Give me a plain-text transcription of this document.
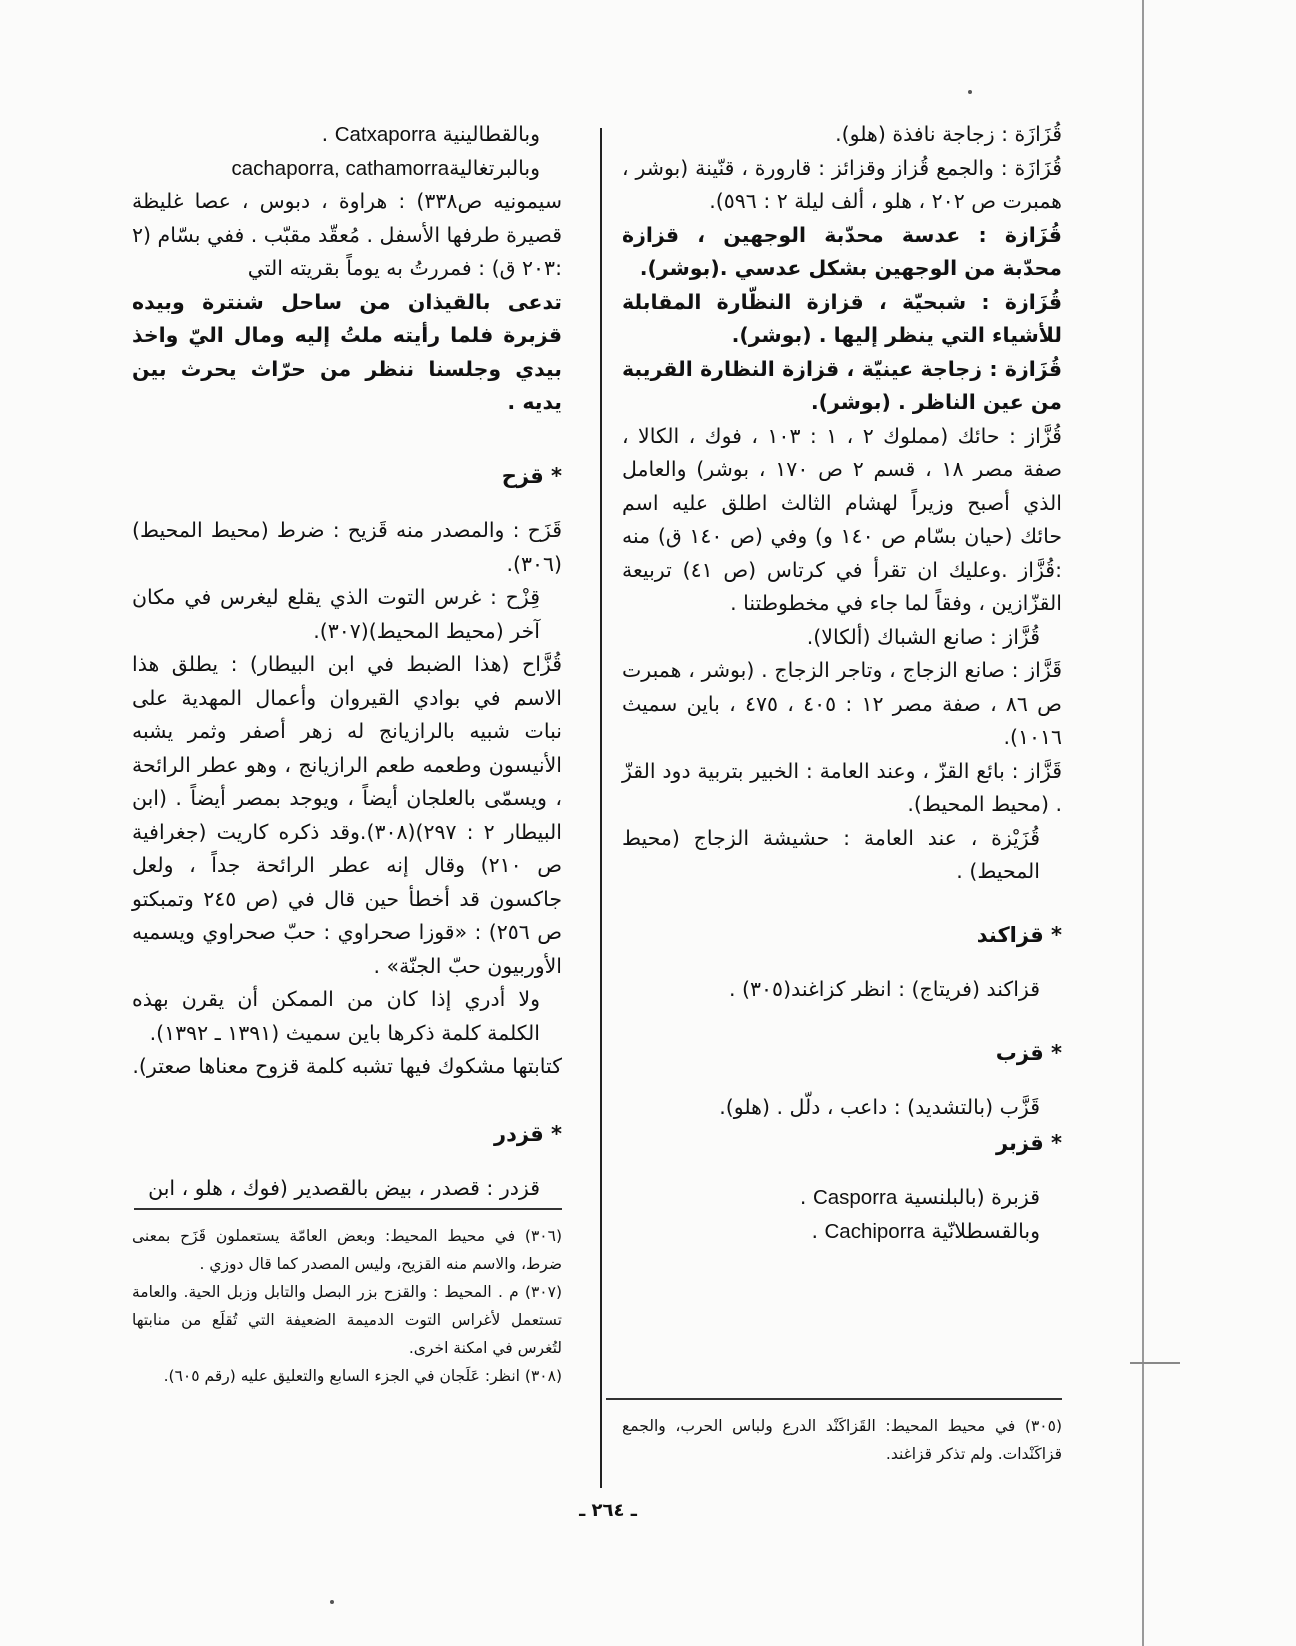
قُزَازَة : زجاجة نافذة (هلو).

قُزَازَة : والجمع قُزاز وقزائز : قارورة ، قنّينة (بوشر ، همبرت ص ٢٠٢ ، هلو ، ألف ليلة ٢ : ٥٩٦).

قُزَازة : عدسة محدّبة الوجهين ، قزازة محدّبة من الوجهين بشكل عدسي .(بوشر).

قُزَازة : شبحيّة ، قزازة النظّارة المقابلة للأشياء التي ينظر إليها . (بوشر).

قُزَازة : زجاجة عينيّة ، قزازة النظارة القريبة من عين الناظر . (بوشر).

قُزَّاز : حائك (مملوك ٢ ، ١ : ١٠٣ ، فوك ، الكالا ، صفة مصر ١٨ ، قسم ٢ ص ١٧٠ ، بوشر) والعامل الذي أصبح وزيراً لهشام الثالث اطلق عليه اسم حائك (حيان بسّام ص ١٤٠ و) وفي (ص ١٤٠ ق) منه :قُزَّاز .وعليك ان تقرأ في كرتاس (ص ٤١) تربيعة القزّازين ، وفقاً لما جاء في مخطوطتنا .

قُزَّاز : صانع الشباك (ألكالا).

قَزَّاز : صانع الزجاج ، وتاجر الزجاج . (بوشر ، همبرت ص ٨٦ ، صفة مصر ١٢ : ٤٠٥ ، ٤٧٥ ، باين سميث ١٠١٦).

قَزَّاز : بائع القزّ ، وعند العامة : الخبير بتربية دود القزّ . (محيط المحيط).

قُزَيْزة ، عند العامة : حشيشة الزجاج (محيط المحيط) .

* قزاكند

قزاكند (فريتاج) : انظر كزاغند(٣٠٥) .

* قزب

قَزَّب (بالتشديد) : داعب ، دلّل . (هلو).

* قزبر

قزبرة (بالبلنسية Casporra .

وبالقسطلانّية Cachiporra .

(٣٠٥) في محيط المحيط: القَزاكَنْد الدرع ولباس الحرب، والجمع قزاكَنْدات. ولم تذكر قزاغند.

وبالقطالينية Catxaporra .

وبالبرتغاليةcachaporra, cathamorra

سيمونيه ص٣٣٨) : هراوة ، دبوس ، عصا غليظة قصيرة طرفها الأسفل . مُعقّد مقبّب . ففي بسّام (٢ :٢٠٣ ق) : فمررتُ به يوماً بقريته التي

تدعى بالقيذان من ساحل شنترة وبيده قزبرة فلما رأيته ملتُ إليه ومال اليّ واخذ بيدي وجلسنا ننظر من حرّاث يحرث بين يديه .

* قزح

قَزَح : والمصدر منه قَزيح : ضرط (محيط المحيط)(٣٠٦).

قِزْح : غرس التوت الذي يقلع ليغرس في مكان آخر (محيط المحيط)(٣٠٧).

قُزَّاح (هذا الضبط في ابن البيطار) : يطلق هذا الاسم في بوادي القيروان وأعمال المهدية على نبات شبيه بالرازيانج له زهر أصفر وثمر يشبه الأنيسون وطعمه طعم الرازيانج ، وهو عطر الرائحة ، ويسمّى بالعلجان أيضاً ، ويوجد بمصر أيضاً . (ابن البيطار ٢ : ٢٩٧)(٣٠٨).وقد ذكره كاريت (جغرافية ص ٢١٠) وقال إنه عطر الرائحة جداً ، ولعل جاكسون قد أخطأ حين قال في (ص ٢٤٥ وتمبكتو ص ٢٥٦) : «قوزا صحراوي : حبّ صحراوي ويسميه الأوربيون حبّ الجنّة» .

ولا أدري إذا كان من الممكن أن يقرن بهذه الكلمة كلمة ذكرها باين سميث (١٣٩١ ـ ١٣٩٢).

كتابتها مشكوك فيها تشبه كلمة قزوح معناها صعتر).

* قزدر

قزدر : قصدر ، بيض بالقصدير (فوك ، هلو ، ابن

(٣٠٦) في محيط المحيط: وبعض العامّة يستعملون قَزَح بمعنى ضرط، والاسم منه القزيح، وليس المصدر كما قال دوزي .

(٣٠٧) م . المحيط : والقزح بزر البصل والتابل وزبل الحية. والعامة تستعمل لأغراس التوت الدميمة الضعيفة التي تُقلَع من منابتها لتُغرس في امكنة اخرى.

(٣٠٨) انظر: عَلَجان في الجزء السابع والتعليق عليه (رقم ٦٠٥).

ـ ٢٦٤ ـ
